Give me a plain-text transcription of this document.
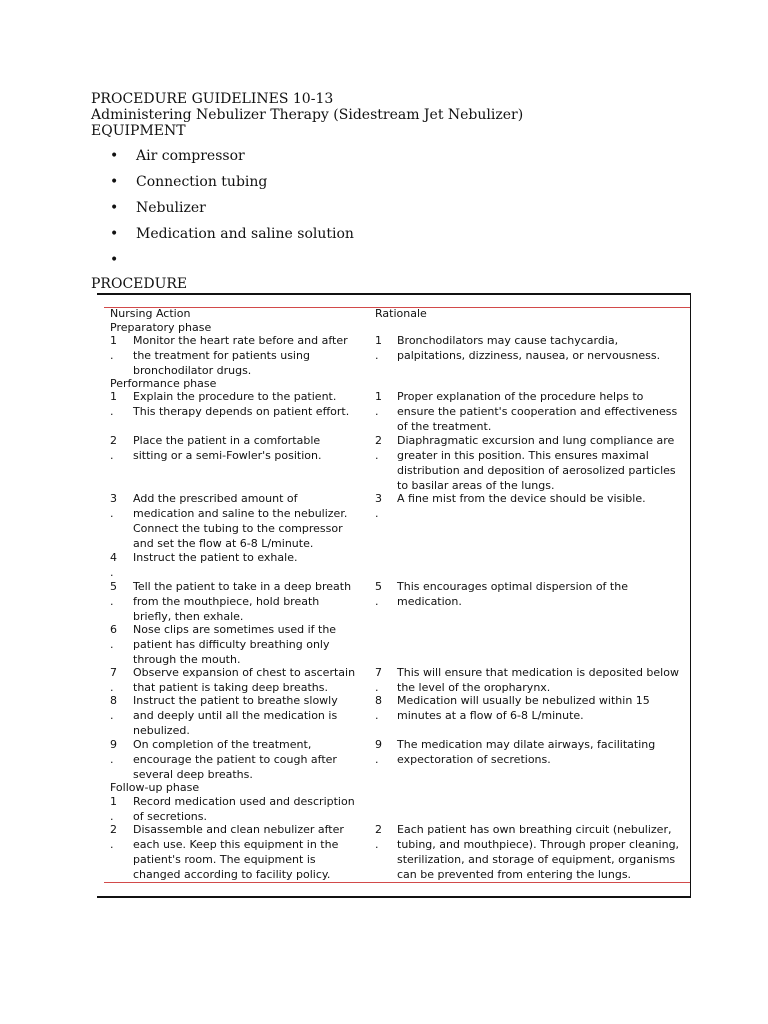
PROCEDURE GUIDELINES 10-13
Administering Nebulizer Therapy (Sidestream Jet Nebulizer)
EQUIPMENT
• Air compressor
• Connection tubing
• Nebulizer
• Medication and saline solution
•
PROCEDURE
Nursing Action	Rationale
Preparatory phase
1
.
Monitor the heart rate before and after
the treatment for patients using
bronchodilator drugs.
1
.
Bronchodilators may cause tachycardia,
palpitations, dizziness, nausea, or nervousness.
Performance phase
1
.
Explain the procedure to the patient.
This therapy depends on patient effort.
1
.
Proper explanation of the procedure helps to
ensure the patient's cooperation and effectiveness
of the treatment.
2
.
Place the patient in a comfortable
sitting or a semi-Fowler's position.
2
.
Diaphragmatic excursion and lung compliance are
greater in this position. This ensures maximal
distribution and deposition of aerosolized particles
to basilar areas of the lungs.
3
.
Add the prescribed amount of
medication and saline to the nebulizer.
Connect the tubing to the compressor
and set the flow at 6-8 L/minute.
3
.
A fine mist from the device should be visible.
4
.
Instruct the patient to exhale.
5
.
Tell the patient to take in a deep breath
from the mouthpiece, hold breath
briefly, then exhale.
5
.
This encourages optimal dispersion of the
medication.
6
.
Nose clips are sometimes used if the
patient has difficulty breathing only
through the mouth.
7
.
Observe expansion of chest to ascertain
that patient is taking deep breaths.
7
.
This will ensure that medication is deposited below
the level of the oropharynx.
8
.
Instruct the patient to breathe slowly
and deeply until all the medication is
nebulized.
8
.
Medication will usually be nebulized within 15
minutes at a flow of 6-8 L/minute.
9
.
On completion of the treatment,
encourage the patient to cough after
several deep breaths.
9
.
The medication may dilate airways, facilitating
expectoration of secretions.
Follow-up phase
1
.
Record medication used and description
of secretions.
2
.
Disassemble and clean nebulizer after
each use. Keep this equipment in the
patient's room. The equipment is
changed according to facility policy.
2
.
Each patient has own breathing circuit (nebulizer,
tubing, and mouthpiece). Through proper cleaning,
sterilization, and storage of equipment, organisms
can be prevented from entering the lungs.
